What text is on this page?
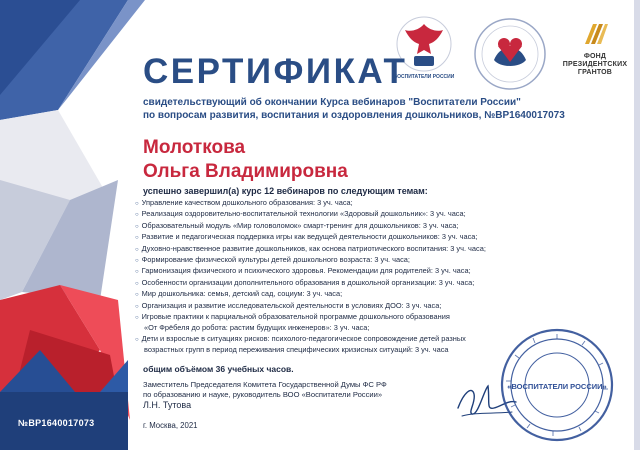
ВОСПИТАТЕЛИ РОССИИ
ФОНД
ПРЕЗИДЕНТСКИХ
ГРАНТОВ
СЕРТИФИКАТ
свидетельствующий об окончании Курса вебинаров "Воспитатели России"
по вопросам развития, воспитания и оздоровления дошкольников, №ВР1640017073
Молоткова
Ольга Владимировна
успешно завершил(а) курс 12 вебинаров по следующим темам:
○ Управление качеством дошкольного образования: 3 уч. часа;
○ Реализация оздоровительно-воспитательной технологии «Здоровый дошкольник»: 3 уч. часа;
○ Образовательный модуль «Мир головоломок» смарт-тренинг для дошкольников: 3 уч. часа;
○ Развитие и педагогическая поддержка игры как ведущей деятельности дошкольников: 3 уч. часа;
○ Духовно-нравственное развитие дошкольников, как основа патриотического воспитания: 3 уч. часа;
○ Формирование физической культуры детей дошкольного возраста: 3 уч. часа;
○ Гармонизация физического и психического здоровья. Рекомендации для родителей: 3 уч. часа;
○ Особенности организации дополнительного образования в дошкольной организации: 3 уч. часа;
○ Мир дошкольника: семья, детский сад, социум: 3 уч. часа;
○ Организация и развитие исследовательской деятельности в условиях ДОО: 3 уч. часа;
○ Игровые практики к парциальной образовательной программе дошкольного образования
«От Фрёбеля до робота: растим будущих инженеров»: 3 уч. часа;
○ Дети и взрослые в ситуациях рисков: психолого-педагогическое сопровождение детей разных
возрастных групп в период переживания специфических кризисных ситуаций: 3 уч. часа
общим объёмом 36 учебных часов.
Заместитель Председателя Комитета Государственной Думы ФС РФ
по образованию и науке, руководитель ВОО «Воспитатели России»
Л.Н. Тутова
г. Москва, 2021
№ВР1640017073
«ВОСПИТАТЕЛИ РОССИИ»
